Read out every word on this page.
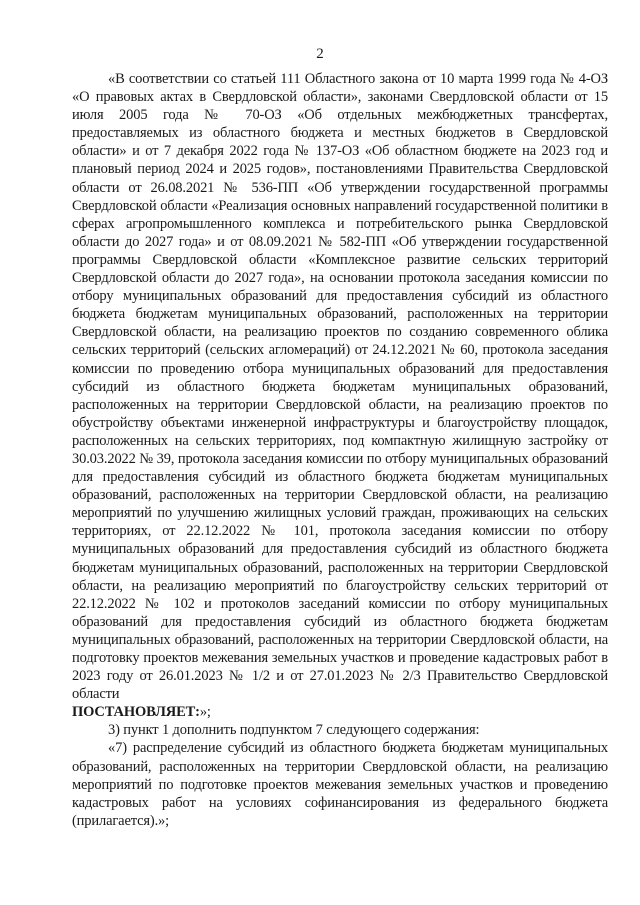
2

«В соответствии со статьей 111 Областного закона от 10 марта 1999 года № 4-ОЗ «О правовых актах в Свердловской области», законами Свердловской области от 15 июля 2005 года № 70-ОЗ «Об отдельных межбюджетных трансфертах, предоставляемых из областного бюджета и местных бюджетов в Свердловской области» и от 7 декабря 2022 года № 137-ОЗ «Об областном бюджете на 2023 год и плановый период 2024 и 2025 годов», постановлениями Правительства Свердловской области от 26.08.2021 № 536-ПП «Об утверждении государственной программы Свердловской области «Реализация основных направлений государственной политики в сферах агропромышленного комплекса и потребительского рынка Свердловской области до 2027 года» и от 08.09.2021 № 582-ПП «Об утверждении государственной программы Свердловской области «Комплексное развитие сельских территорий Свердловской области до 2027 года», на основании протокола заседания комиссии по отбору муниципальных образований для предоставления субсидий из областного бюджета бюджетам муниципальных образований, расположенных на территории Свердловской области, на реализацию проектов по созданию современного облика сельских территорий (сельских агломераций) от 24.12.2021 № 60, протокола заседания комиссии по проведению отбора муниципальных образований для предоставления субсидий из областного бюджета бюджетам муниципальных образований, расположенных на территории Свердловской области, на реализацию проектов по обустройству объектами инженерной инфраструктуры и благоустройству площадок, расположенных на сельских территориях, под компактную жилищную застройку от 30.03.2022 № 39, протокола заседания комиссии по отбору муниципальных образований для предоставления субсидий из областного бюджета бюджетам муниципальных образований, расположенных на территории Свердловской области, на реализацию мероприятий по улучшению жилищных условий граждан, проживающих на сельских территориях, от 22.12.2022 № 101, протокола заседания комиссии по отбору муниципальных образований для предоставления субсидий из областного бюджета бюджетам муниципальных образований, расположенных на территории Свердловской области, на реализацию мероприятий по благоустройству сельских территорий от 22.12.2022 № 102 и протоколов заседаний комиссии по отбору муниципальных образований для предоставления субсидий из областного бюджета бюджетам муниципальных образований, расположенных на территории Свердловской области, на подготовку проектов межевания земельных участков и проведение кадастровых работ в 2023 году от 26.01.2023 № 1/2 и от 27.01.2023 № 2/3 Правительство Свердловской области

ПОСТАНОВЛЯЕТ:»;

3) пункт 1 дополнить подпунктом 7 следующего содержания:

«7) распределение субсидий из областного бюджета бюджетам муниципальных образований, расположенных на территории Свердловской области, на реализацию мероприятий по подготовке проектов межевания земельных участков и проведению кадастровых работ на условиях софинансирования из федерального бюджета (прилагается).»;
